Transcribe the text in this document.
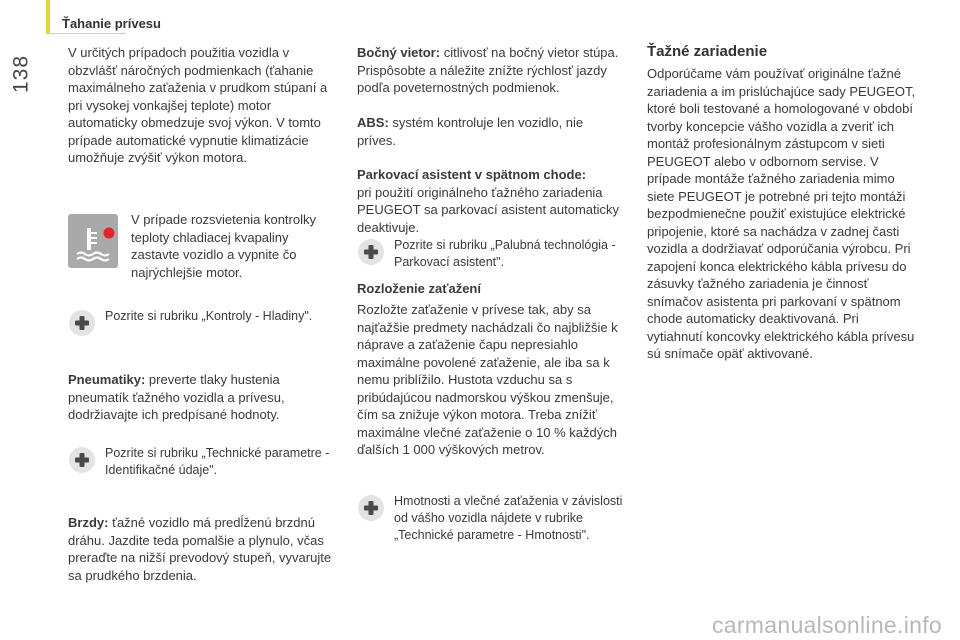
138
Ťahanie prívesu

V určitých prípadoch použitia vozidla v obzvlášť náročných podmienkach (ťahanie maximálneho zaťaženia v prudkom stúpaní a pri vysokej vonkajšej teplote) motor automaticky obmedzuje svoj výkon. V tomto prípade automatické vypnutie klimatizácie umožňuje zvýšiť výkon motora.

V prípade rozsvietenia kontrolky teploty chladiacej kvapaliny zastavte vozidlo a vypnite čo najrýchlejšie motor.

Pozrite si rubriku „Kontroly - Hladiny".

Pneumatiky: preverte tlaky hustenia pneumatík ťažného vozidla a prívesu, dodržiavajte ich predpísané hodnoty.

Pozrite si rubriku „Technické parametre - Identifikačné údaje".

Brzdy: ťažné vozidlo má predĺženú brzdnú dráhu. Jazdite teda pomalšie a plynulo, včas preraďte na nižší prevodový stupeň, vyvarujte sa prudkého brzdenia.

Bočný vietor: citlivosť na bočný vietor stúpa. Prispôsobte a náležite znížte rýchlosť jazdy podľa poveternostných podmienok.

ABS: systém kontroluje len vozidlo, nie príves.

Parkovací asistent v spätnom chode:
pri použití originálneho ťažného zariadenia PEUGEOT sa parkovací asistent automaticky deaktivuje.
Pozrite si rubriku „Palubná technológia - Parkovací asistent".
Rozloženie zaťažení

Rozložte zaťaženie v prívese tak, aby sa najťažšie predmety nachádzali čo najbližšie k náprave a zaťaženie čapu nepresiahlo maximálne povolené zaťaženie, ale iba sa k nemu priblížilo. Hustota vzduchu sa s pribúdajúcou nadmorskou výškou zmenšuje, čím sa znižuje výkon motora. Treba znížiť maximálne vlečné zaťaženie o 10 % každých ďalších 1 000 výškových metrov.

Hmotnosti a vlečné zaťaženia v závislosti od vášho vozidla nájdete v rubrike „Technické parametre - Hmotnosti".
Ťažné zariadenie

Odporúčame vám používať originálne ťažné zariadenia a im prislúchajúce sady PEUGEOT, ktoré boli testované a homologované v období tvorby koncepcie vášho vozidla a zveriť ich montáž profesionálnym zástupcom v sieti PEUGEOT alebo v odbornom servise. V prípade montáže ťažného zariadenia mimo siete PEUGEOT je potrebné pri tejto montáži bezpodmienečne použiť existujúce elektrické pripojenie, ktoré sa nachádza v zadnej časti vozidla a dodržiavať odporúčania výrobcu. Pri zapojení konca elektrického kábla prívesu do zásuvky ťažného zariadenia je činnosť snímačov asistenta pri parkovaní v spätnom chode automaticky deaktivovaná. Pri vytiahnutí koncovky elektrického kábla prívesu sú snímače opäť aktivované.

carmanualsonline.info
